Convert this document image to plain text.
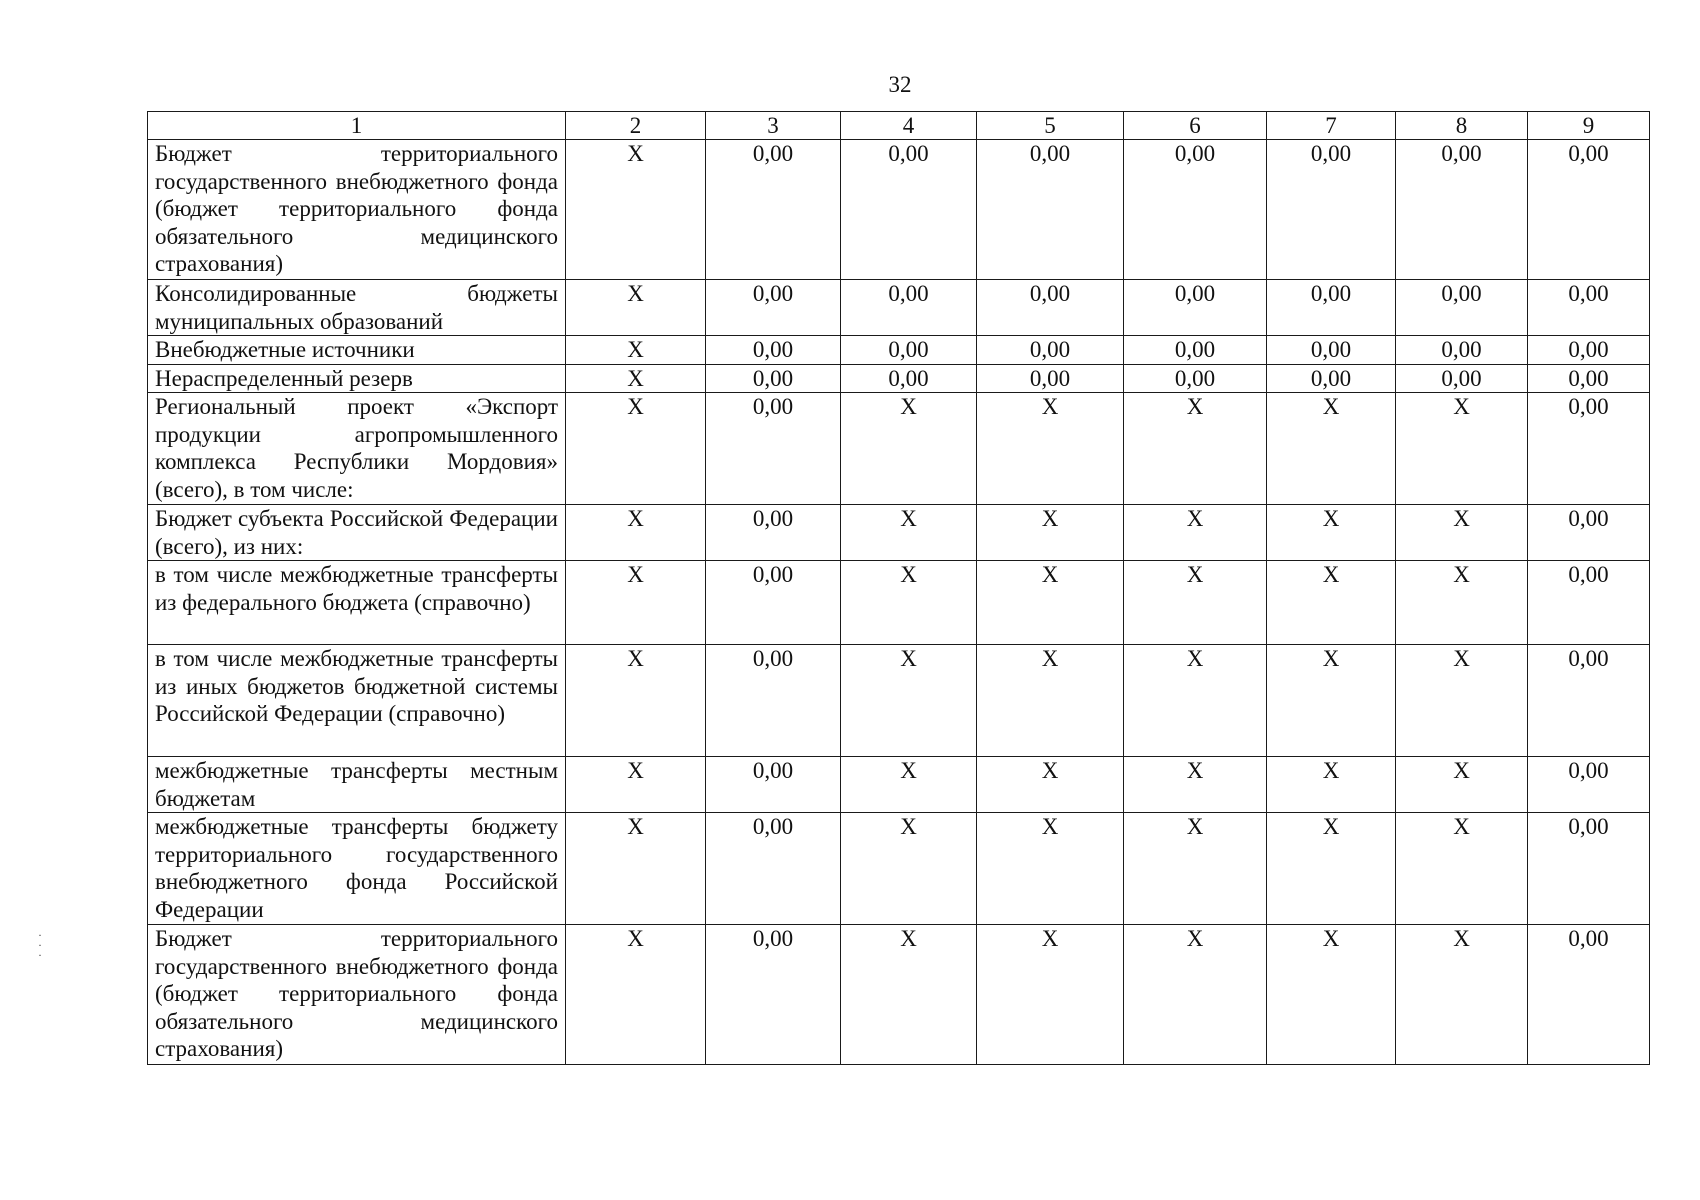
32
1	2	3	4	5	6	7	8	9
Бюджет территориального государственного внебюджетного фонда (бюджет территориального фонда обязательного медицинского страхования)	Х	0,00	0,00	0,00	0,00	0,00	0,00	0,00
Консолидированные бюджеты муниципальных образований	Х	0,00	0,00	0,00	0,00	0,00	0,00	0,00
Внебюджетные источники	Х	0,00	0,00	0,00	0,00	0,00	0,00	0,00
Нераспределенный резерв	Х	0,00	0,00	0,00	0,00	0,00	0,00	0,00
Региональный проект «Экспорт продукции агропромышленного комплекса Республики Мордовия» (всего), в том числе:	Х	0,00	Х	Х	Х	Х	Х	0,00
Бюджет субъекта Российской Федерации (всего), из них:	Х	0,00	Х	Х	Х	Х	Х	0,00
в том числе межбюджетные трансферты из федерального бюджета (справочно)	Х	0,00	Х	Х	Х	Х	Х	0,00
в том числе межбюджетные трансферты из иных бюджетов бюджетной системы Российской Федерации (справочно)	Х	0,00	Х	Х	Х	Х	Х	0,00
межбюджетные трансферты местным бюджетам	Х	0,00	Х	Х	Х	Х	Х	0,00
межбюджетные трансферты бюджету территориального государственного внебюджетного фонда Российской Федерации	Х	0,00	Х	Х	Х	Х	Х	0,00
Бюджет территориального государственного внебюджетного фонда (бюджет территориального фонда обязательного медицинского страхования)	Х	0,00	Х	Х	Х	Х	Х	0,00
·
·
·
